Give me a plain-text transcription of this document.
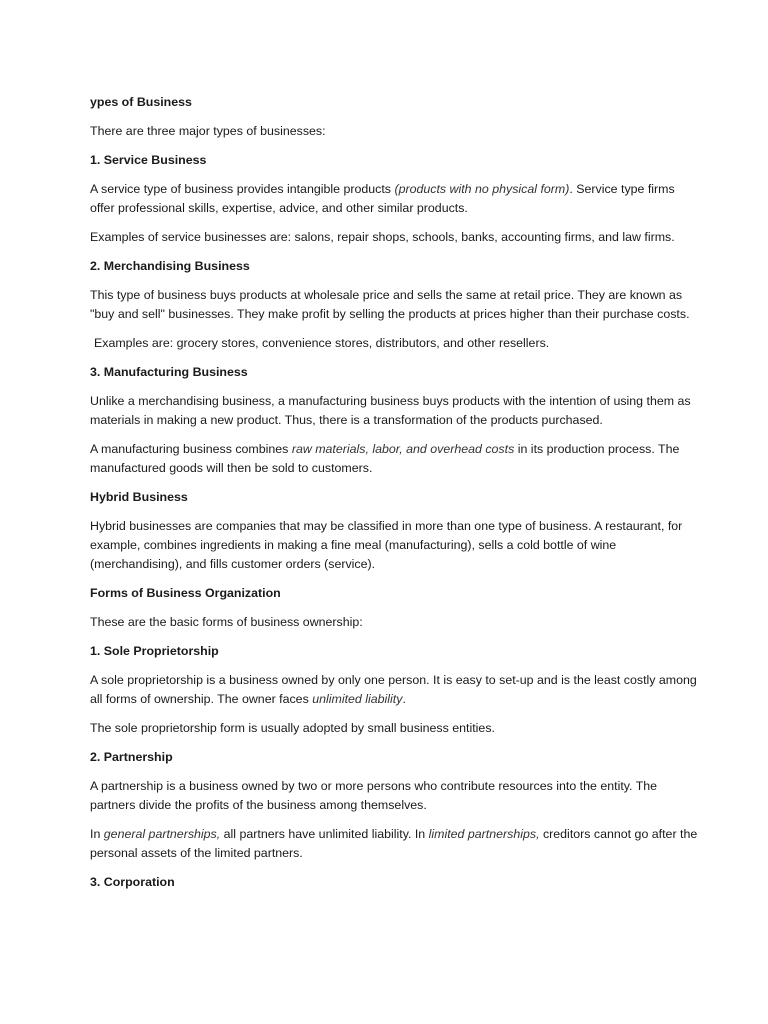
ypes of Business

There are three major types of businesses:

1. Service Business

A service type of business provides intangible products (products with no physical form). Service type firms offer professional skills, expertise, advice, and other similar products.

Examples of service businesses are: salons, repair shops, schools, banks, accounting firms, and law firms.

2. Merchandising Business

This type of business buys products at wholesale price and sells the same at retail price. They are known as "buy and sell" businesses. They make profit by selling the products at prices higher than their purchase costs.

Examples are: grocery stores, convenience stores, distributors, and other resellers.

3. Manufacturing Business

Unlike a merchandising business, a manufacturing business buys products with the intention of using them as materials in making a new product. Thus, there is a transformation of the products purchased.

A manufacturing business combines raw materials, labor, and overhead costs in its production process. The manufactured goods will then be sold to customers.

Hybrid Business

Hybrid businesses are companies that may be classified in more than one type of business. A restaurant, for example, combines ingredients in making a fine meal (manufacturing), sells a cold bottle of wine (merchandising), and fills customer orders (service).

Forms of Business Organization

These are the basic forms of business ownership:

1. Sole Proprietorship

A sole proprietorship is a business owned by only one person. It is easy to set-up and is the least costly among all forms of ownership. The owner faces unlimited liability.

The sole proprietorship form is usually adopted by small business entities.

2. Partnership

A partnership is a business owned by two or more persons who contribute resources into the entity. The partners divide the profits of the business among themselves.

In general partnerships, all partners have unlimited liability. In limited partnerships, creditors cannot go after the personal assets of the limited partners.

3. Corporation
